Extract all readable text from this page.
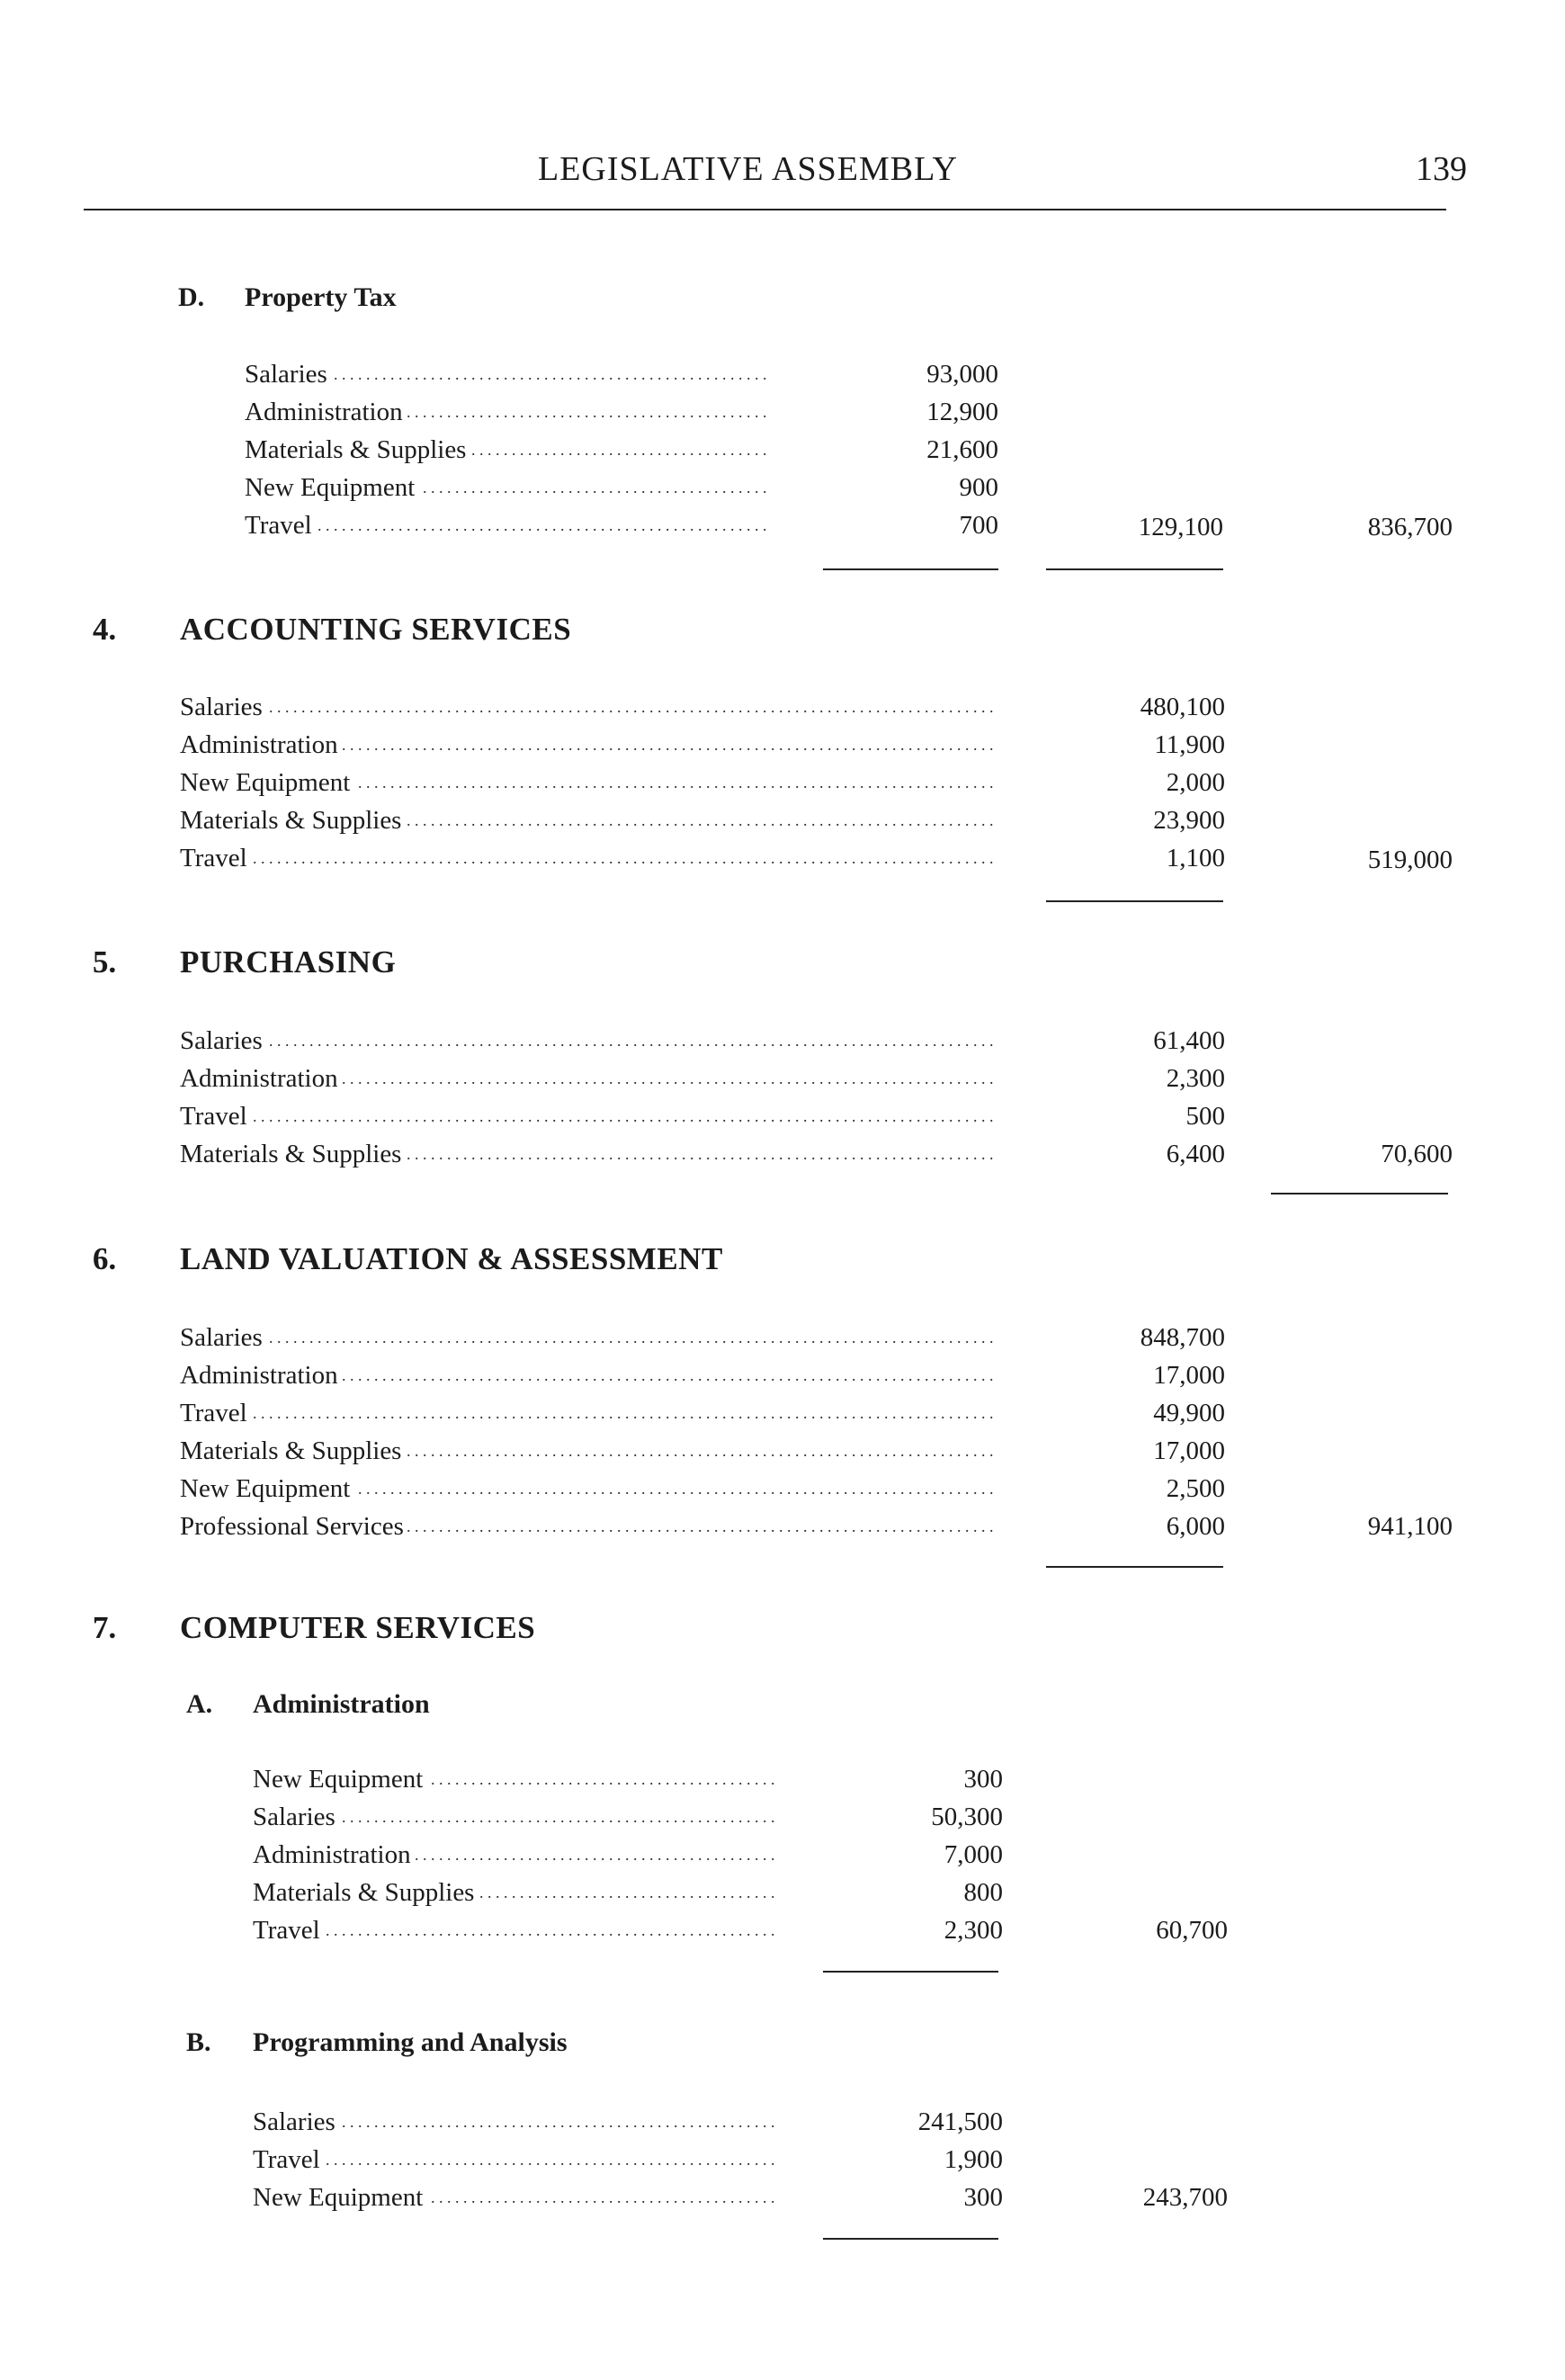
LEGISLATIVE ASSEMBLY	139
D. Property Tax
Salaries . . .	93,000
Administration . . .	12,900
Materials & Supplies . . .	21,600
New Equipment . . .	900
Travel . . .	700	129,100	836,700
4. ACCOUNTING SERVICES
Salaries . . .	480,100
Administration . . .	11,900
New Equipment . . .	2,000
Materials & Supplies . . .	23,900
Travel . . .	1,100	519,000
5. PURCHASING
Salaries . . .	61,400
Administration . . .	2,300
Travel . . .	500
Materials & Supplies . . .	6,400	70,600
6. LAND VALUATION & ASSESSMENT
Salaries . . .	848,700
Administration . . .	17,000
Travel . . .	49,900
Materials & Supplies . . .	17,000
New Equipment . . .	2,500
Professional Services . . .	6,000	941,100
7. COMPUTER SERVICES
A. Administration
New Equipment . . .	300
Salaries . . .	50,300
Administration . . .	7,000
Materials & Supplies . . .	800
Travel . . .	2,300	60,700
B. Programming and Analysis
Salaries . . .	241,500
Travel . . .	1,900
New Equipment . . .	300	243,700
